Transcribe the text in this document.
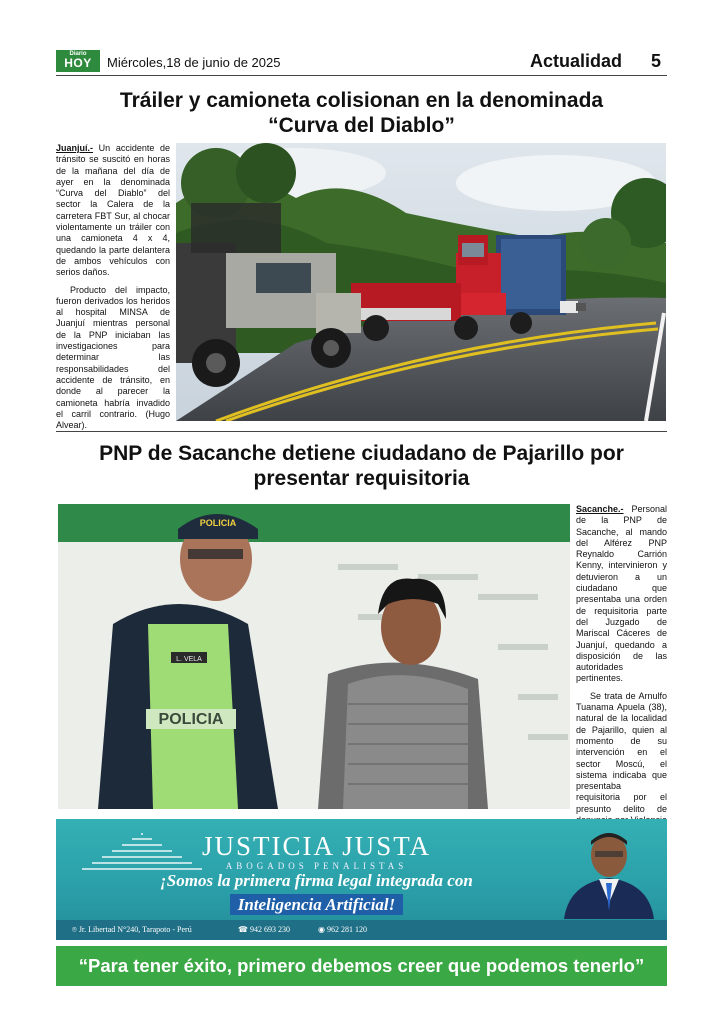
Diario
HOY	Miércoles,18 de junio de 2025	Actualidad 5
Tráiler y camioneta colisionan en la denominada
“Curva del Diablo”

Juanjuí.- Un accidente de tránsito se suscitó en horas de la mañana del día de ayer en la denominada “Curva del Diablo” del sector la Calera de la carretera FBT Sur, al chocar violentamente un tráiler con una camioneta 4 x 4, quedando la parte delantera de ambos vehículos con serios daños.

Producto del impacto, fueron derivados los heridos al hospital MINSA de Juanjuí mientras personal de la PNP iniciaban las investigaciones para determinar las responsabilidades del accidente de tránsito, en donde al parecer la camioneta habría invadido el carril contrario. (Hugo Alvear).

PNP de Sacanche detiene ciudadano de Pajarillo por
presentar requisitoria
POLICIA
L. VELA
POLICIA

Sacanche.- Personal de la PNP de Sacanche, al mando del Alférez PNP Reynaldo Carrión Kenny, intervinieron y detuvieron a un ciudadano que presentaba una orden de requisitoria parte del Juzgado de Mariscal Cáceres de Juanjuí, quedando a disposición de las autoridades pertinentes.

Se trata de Arnulfo Tuanama Apuela (38), natural de la localidad de Pajarillo, quien al momento de su intervención en el sector Moscú, el sistema indicaba que presentaba requisitoria por el presunto delito de

JUSTICIA JUSTA
ABOGADOS PENALISTAS
¡Somos la primera firma legal integrada con
Inteligencia Artificial!
⌾ Jr. Libertad N°240, Tarapoto - Perú	☎ 942 693 230	◉ 962 281 120
“Para tener éxito, primero debemos creer que podemos tenerlo”
